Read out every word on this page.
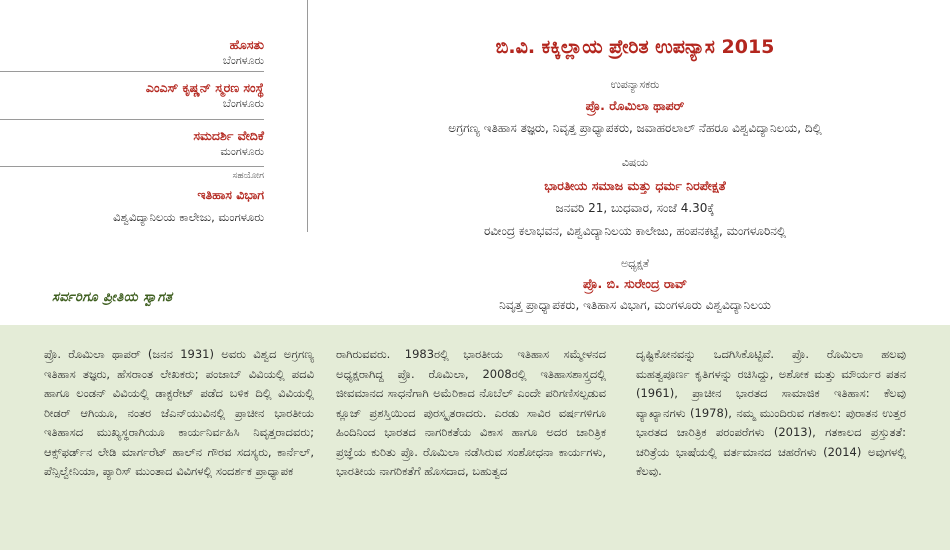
ಹೊಸತು
ಬೆಂಗಳೂರು
ಎಂಎಸ್ ಕೃಷ್ಣನ್ ಸ್ಮರಣ ಸಂಸ್ಥೆ
ಬೆಂಗಳೂರು
ಸಮದರ್ಶಿ ವೇದಿಕೆ
ಮಂಗಳೂರು
ಸಹಯೋಗ
ಇತಿಹಾಸ ವಿಭಾಗ
ವಿಶ್ವವಿದ್ಯಾನಿಲಯ ಕಾಲೇಜು, ಮಂಗಳೂರು
ಸರ್ವರಿಗೂ ಪ್ರೀತಿಯ ಸ್ವಾಗತ
ಬಿ.ವಿ. ಕಕ್ಕಿಲ್ಲಾಯ ಪ್ರೇರಿತ ಉಪನ್ಯಾಸ 2015
ಉಪನ್ಯಾಸಕರು
ಪ್ರೊ. ರೊಮಿಲಾ ಥಾಪರ್
ಅಗ್ರಗಣ್ಯ ಇತಿಹಾಸ ತಜ್ಞರು, ನಿವೃತ್ತ ಪ್ರಾಧ್ಯಾಪಕರು, ಜವಾಹರಲಾಲ್ ನೆಹರೂ ವಿಶ್ವವಿದ್ಯಾನಿಲಯ, ದಿಲ್ಲಿ
ವಿಷಯ
ಭಾರತೀಯ ಸಮಾಜ ಮತ್ತು ಧರ್ಮ ನಿರಪೇಕ್ಷತೆ
ಜನವರಿ 21, ಬುಧವಾರ, ಸಂಜೆ 4.30ಕ್ಕೆ
ರವೀಂದ್ರ ಕಲಾಭವನ, ವಿಶ್ವವಿದ್ಯಾನಿಲಯ ಕಾಲೇಜು, ಹಂಪನಕಟ್ಟೆ, ಮಂಗಳೂರಿನಲ್ಲಿ
ಅಧ್ಯಕ್ಷತೆ
ಪ್ರೊ. ಬಿ. ಸುರೇಂದ್ರ ರಾವ್
ನಿವೃತ್ತ ಪ್ರಾಧ್ಯಾಪಕರು, ಇತಿಹಾಸ ವಿಭಾಗ, ಮಂಗಳೂರು ವಿಶ್ವವಿದ್ಯಾನಿಲಯ
ಪ್ರೊ. ರೊಮಿಲಾ ಥಾಪರ್ (ಜನನ 1931) ಅವರು ವಿಶ್ವದ ಅಗ್ರಗಣ್ಯ ಇತಿಹಾಸ ತಜ್ಞರು, ಹೆಸರಾಂತ ಲೇಖಕರು; ಪಂಜಾಬ್ ವಿವಿಯಲ್ಲಿ ಪದವಿ ಹಾಗೂ ಲಂಡನ್ ವಿವಿಯಲ್ಲಿ ಡಾಕ್ಟರೇಟ್ ಪಡೆದ ಬಳಿಕ ದಿಲ್ಲಿ ವಿವಿಯಲ್ಲಿ ರೀಡರ್ ಆಗಿಯೂ, ನಂತರ ಜೆಎನ್‌ಯುವಿನಲ್ಲಿ ಪ್ರಾಚೀನ ಭಾರತೀಯ ಇತಿಹಾಸದ ಮುಖ್ಯಸ್ಥರಾಗಿಯೂ ಕಾರ್ಯನಿರ್ವಹಿಸಿ ನಿವೃತ್ತರಾದವರು; ಆಕ್ಸ್‌ಫರ್ಡ್‌ನ ಲೇಡಿ ಮಾರ್ಗರೆಟ್ ಹಾಲ್‌ನ ಗೌರವ ಸದಸ್ಯರು, ಕಾರ್ನೆಲ್, ಪೆನ್ಸಿಲ್ವೇನಿಯಾ, ಪ್ಯಾರಿಸ್ ಮುಂತಾದ ವಿವಿಗಳಲ್ಲಿ ಸಂದರ್ಶಕ ಪ್ರಾಧ್ಯಾಪಕ
ರಾಗಿರುವವರು. 1983ರಲ್ಲಿ ಭಾರತೀಯ ಇತಿಹಾಸ ಸಮ್ಮೇಳನದ ಅಧ್ಯಕ್ಷರಾಗಿದ್ದ ಪ್ರೊ. ರೊಮಿಲಾ, 2008ರಲ್ಲಿ ಇತಿಹಾಸಶಾಸ್ತ್ರದಲ್ಲಿ ಜೀವಮಾನದ ಸಾಧನೆಗಾಗಿ ಅಮೆರಿಕಾದ ನೊಬೆಲ್ ಎಂದೇ ಪರಿಗಣಿಸಲ್ಪಡುವ ಕ್ಲೂಜ್ ಪ್ರಶಸ್ತಿಯಿಂದ ಪುರಸ್ಕೃತರಾದರು. ಎರಡು ಸಾವಿರ ವರ್ಷಗಳಿಗೂ ಹಿಂದಿನಿಂದ ಭಾರತದ ನಾಗರಿಕತೆಯ ವಿಕಾಸ ಹಾಗೂ ಅದರ ಚಾರಿತ್ರಿಕ ಪ್ರಜ್ಞೆಯ ಕುರಿತು ಪ್ರೊ. ರೊಮಿಲಾ ನಡೆಸಿರುವ ಸಂಶೋಧನಾ ಕಾರ್ಯಗಳು, ಭಾರತೀಯ ನಾಗರಿಕತೆಗೆ ಹೊಸದಾದ, ಬಹುತ್ವದ
ದೃಷ್ಟಿಕೋನವನ್ನು ಒದಗಿಸಿಕೊಟ್ಟಿವೆ. ಪ್ರೊ. ರೊಮಿಲಾ ಹಲವು ಮಹತ್ವಪೂರ್ಣ ಕೃತಿಗಳನ್ನು ರಚಿಸಿದ್ದು, ಅಶೋಕ ಮತ್ತು ಮೌರ್ಯರ ಪತನ (1961), ಪ್ರಾಚೀನ ಭಾರತದ ಸಾಮಾಜಿಕ ಇತಿಹಾಸ: ಕೆಲವು ವ್ಯಾಖ್ಯಾನಗಳು (1978), ನಮ್ಮ ಮುಂದಿರುವ ಗತಕಾಲ: ಪುರಾತನ ಉತ್ತರ ಭಾರತದ ಚಾರಿತ್ರಿಕ ಪರಂಪರೆಗಳು (2013), ಗತಕಾಲದ ಪ್ರಸ್ತುತತೆ: ಚರಿತ್ರೆಯ ಭಾಷೆಯಲ್ಲಿ ವರ್ತಮಾನದ ಚಹರೆಗಳು (2014) ಅವುಗಳಲ್ಲಿ ಕೆಲವು.
